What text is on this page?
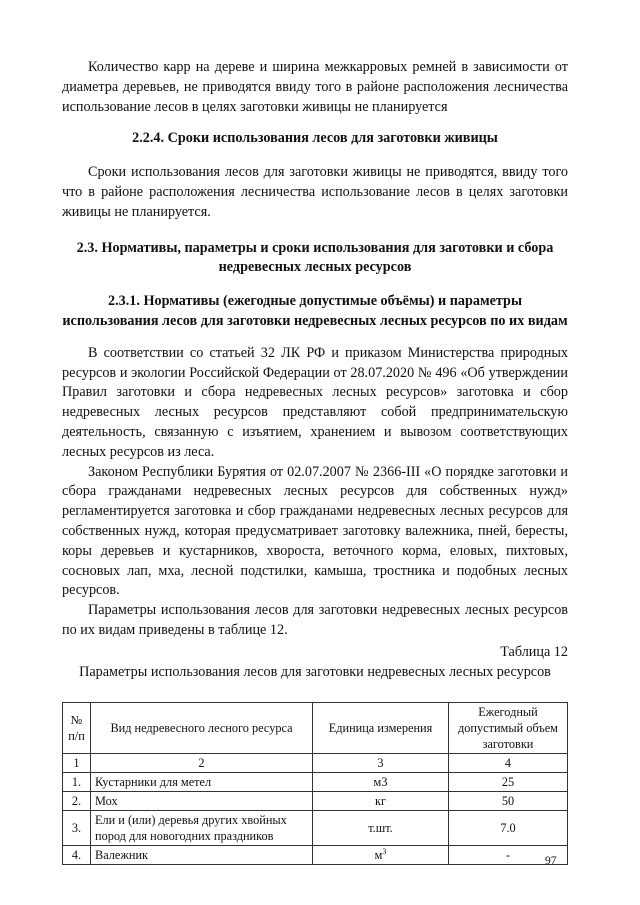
Количество карр на дереве и ширина межкарровых ремней в зависимости от диаметра деревьев, не приводятся ввиду того в районе расположения лесничества использование лесов в целях заготовки живицы не планируется

2.2.4. Сроки использования лесов для заготовки живицы

Сроки использования лесов для заготовки живицы не приводятся, ввиду того что в районе расположения лесничества использование лесов в целях заготовки живицы не планируется.

2.3. Нормативы, параметры и сроки использования для заготовки и сбора недревесных лесных ресурсов
2.3.1. Нормативы (ежегодные допустимые объёмы) и параметры использования лесов для заготовки недревесных лесных ресурсов по их видам

В соответствии со статьей 32 ЛК РФ и приказом Министерства природных ресурсов и экологии Российской Федерации от 28.07.2020 № 496 «Об утверждении Правил заготовки и сбора недревесных лесных ресурсов» заготовка и сбор недревесных лесных ресурсов представляют собой предпринимательскую деятельность, связанную с изъятием, хранением и вывозом соответствующих лесных ресурсов из леса.

Законом Республики Бурятия от 02.07.2007 № 2366-III «О порядке заготовки и сбора гражданами недревесных лесных ресурсов для собственных нужд» регламентируется заготовка и сбор гражданами недревесных лесных ресурсов для собственных нужд, которая предусматривает заготовку валежника, пней, бересты, коры деревьев и кустарников, хвороста, веточного корма, еловых, пихтовых, сосновых лап, мха, лесной подстилки, камыша, тростника и подобных лесных ресурсов.

Параметры использования лесов для заготовки недревесных лесных ресурсов по их видам приведены в таблице 12.

Таблица 12

Параметры использования лесов для заготовки недревесных лесных ресурсов

№ п/п	Вид недревесного лесного ресурса	Единица измерения	Ежегодный допустимый объем заготовки
1	2	3	4
1.	Кустарники для метел	м3	25
2.	Мох	кг	50
3.	Ели и (или) деревья других хвойных пород для новогодних праздников	т.шт.	7.0
4.	Валежник	$м^3$	-	97
